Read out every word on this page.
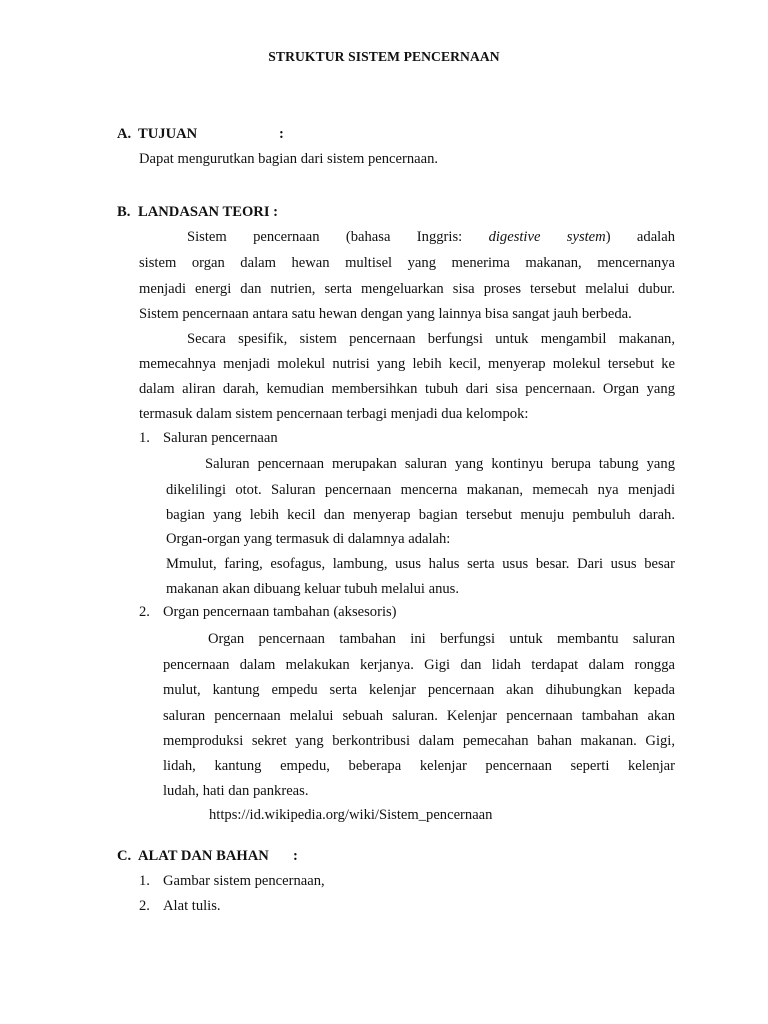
STRUKTUR SISTEM PENCERNAAN
A. TUJUAN	:
Dapat mengurutkan bagian dari sistem pencernaan.
B. LANDASAN TEORI :
Sistem pencernaan (bahasa Inggris: digestive system) adalah
sistem organ dalam hewan multisel yang menerima makanan, mencernanya
menjadi energi dan nutrien, serta mengeluarkan sisa proses tersebut melalui dubur.
Sistem pencernaan antara satu hewan dengan yang lainnya bisa sangat jauh berbeda.
Secara spesifik, sistem pencernaan berfungsi untuk mengambil makanan,
memecahnya menjadi molekul nutrisi yang lebih kecil, menyerap molekul tersebut ke
dalam aliran darah, kemudian membersihkan tubuh dari sisa pencernaan. Organ yang
termasuk dalam sistem pencernaan terbagi menjadi dua kelompok:
1. Saluran pencernaan
Saluran pencernaan merupakan saluran yang kontinyu berupa tabung yang
dikelilingi otot. Saluran pencernaan mencerna makanan, memecah nya menjadi
bagian yang lebih kecil dan menyerap bagian tersebut menuju pembuluh darah.
Organ-organ yang termasuk di dalamnya adalah:
Mmulut, faring, esofagus, lambung, usus halus serta usus besar. Dari usus besar
makanan akan dibuang keluar tubuh melalui anus.
2. Organ pencernaan tambahan (aksesoris)
Organ pencernaan tambahan ini berfungsi untuk membantu saluran
pencernaan dalam melakukan kerjanya. Gigi dan lidah terdapat dalam rongga
mulut, kantung empedu serta kelenjar pencernaan akan dihubungkan kepada
saluran pencernaan melalui sebuah saluran. Kelenjar pencernaan tambahan akan
memproduksi sekret yang berkontribusi dalam pemecahan bahan makanan. Gigi,
lidah, kantung empedu, beberapa kelenjar pencernaan seperti kelenjar
ludah, hati dan pankreas.
https://id.wikipedia.org/wiki/Sistem_pencernaan
C. ALAT DAN BAHAN :
1. Gambar sistem pencernaan,
2. Alat tulis.
